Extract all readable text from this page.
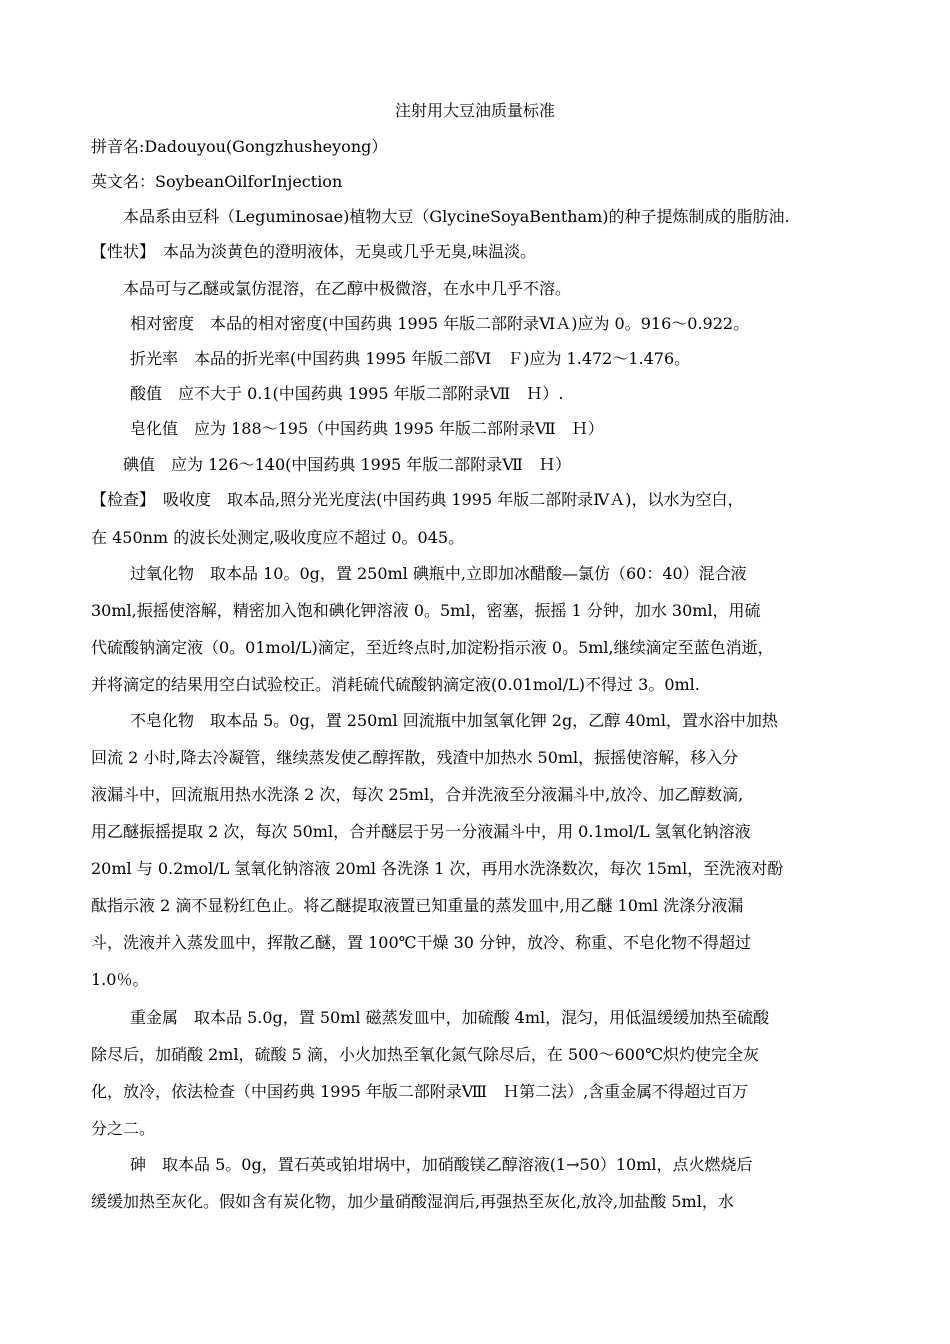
注射用大豆油质量标准
拼音名:Dadouyou(Gongzhusheyong）
英文名：SoybeanOilforInjection
本品系由豆科（Leguminosae)植物大豆（GlycineSoyaBentham)的种子提炼制成的脂肪油.
【性状】　本品为淡黄色的澄明液体，无臭或几乎无臭,味温淡。
本品可与乙醚或氯仿混溶，在乙醇中极微溶，在水中几乎不溶。
相对密度　本品的相对密度(中国药典 1995 年版二部附录ⅥＡ)应为 0。916～0.922。
折光率　本品的折光率(中国药典 1995 年版二部Ⅵ　Ｆ)应为 1.472～1.476。
酸值　应不大于 0.1(中国药典 1995 年版二部附录Ⅶ　Ｈ）.
皂化值　应为 188～195（中国药典 1995 年版二部附录Ⅶ　Ｈ）
碘值　应为 126～140(中国药典 1995 年版二部附录Ⅶ　Ｈ）
【检查】　吸收度　取本品,照分光光度法(中国药典 1995 年版二部附录ⅣＡ)，以水为空白，
在 450nm 的波长处测定,吸收度应不超过 0。045。
过氧化物　取本品 10。0g，置 250ml 碘瓶中,立即加冰醋酸—氯仿（60：40）混合液
30ml,振摇使溶解，精密加入饱和碘化钾溶液 0。5ml，密塞，振摇 1 分钟，加水 30ml，用硫
代硫酸钠滴定液（0。01mol/L)滴定，至近终点时,加淀粉指示液 0。5ml,继续滴定至蓝色消逝，
并将滴定的结果用空白试验校正。消耗硫代硫酸钠滴定液(0.01mol/L)不得过 3。0ml.
不皂化物　取本品 5。0g，置 250ml 回流瓶中加氢氧化钾 2g，乙醇 40ml，置水浴中加热
回流 2 小时,降去冷凝管，继续蒸发使乙醇挥散，残渣中加热水 50ml，振摇使溶解，移入分
液漏斗中，回流瓶用热水洗涤 2 次，每次 25ml，合并洗液至分液漏斗中,放冷、加乙醇数滴,
用乙醚振摇提取 2 次，每次 50ml，合并醚层于另一分液漏斗中，用 0.1mol/L 氢氧化钠溶液
20ml 与 0.2mol/L 氢氧化钠溶液 20ml 各洗涤 1 次，再用水洗涤数次，每次 15ml，至洗液对酚
酞指示液 2 滴不显粉红色止。将乙醚提取液置已知重量的蒸发皿中,用乙醚 10ml 洗涤分液漏
斗，洗液并入蒸发皿中，挥散乙醚，置 100℃干燥 30 分钟，放冷、称重、不皂化物不得超过
1.0％。
重金属　取本品 5.0g，置 50ml 磁蒸发皿中，加硫酸 4ml，混匀，用低温缓缓加热至硫酸
除尽后，加硝酸 2ml，硫酸 5 滴，小火加热至氧化氮气除尽后，在 500～600℃炽灼使完全灰
化，放冷，依法检查（中国药典 1995 年版二部附录Ⅷ　Ｈ第二法）,含重金属不得超过百万
分之二。
砷　取本品 5。0g，置石英或铂坩埚中，加硝酸镁乙醇溶液(1→50）10ml，点火燃烧后
缓缓加热至灰化。假如含有炭化物，加少量硝酸湿润后,再强热至灰化,放冷,加盐酸 5ml，水
